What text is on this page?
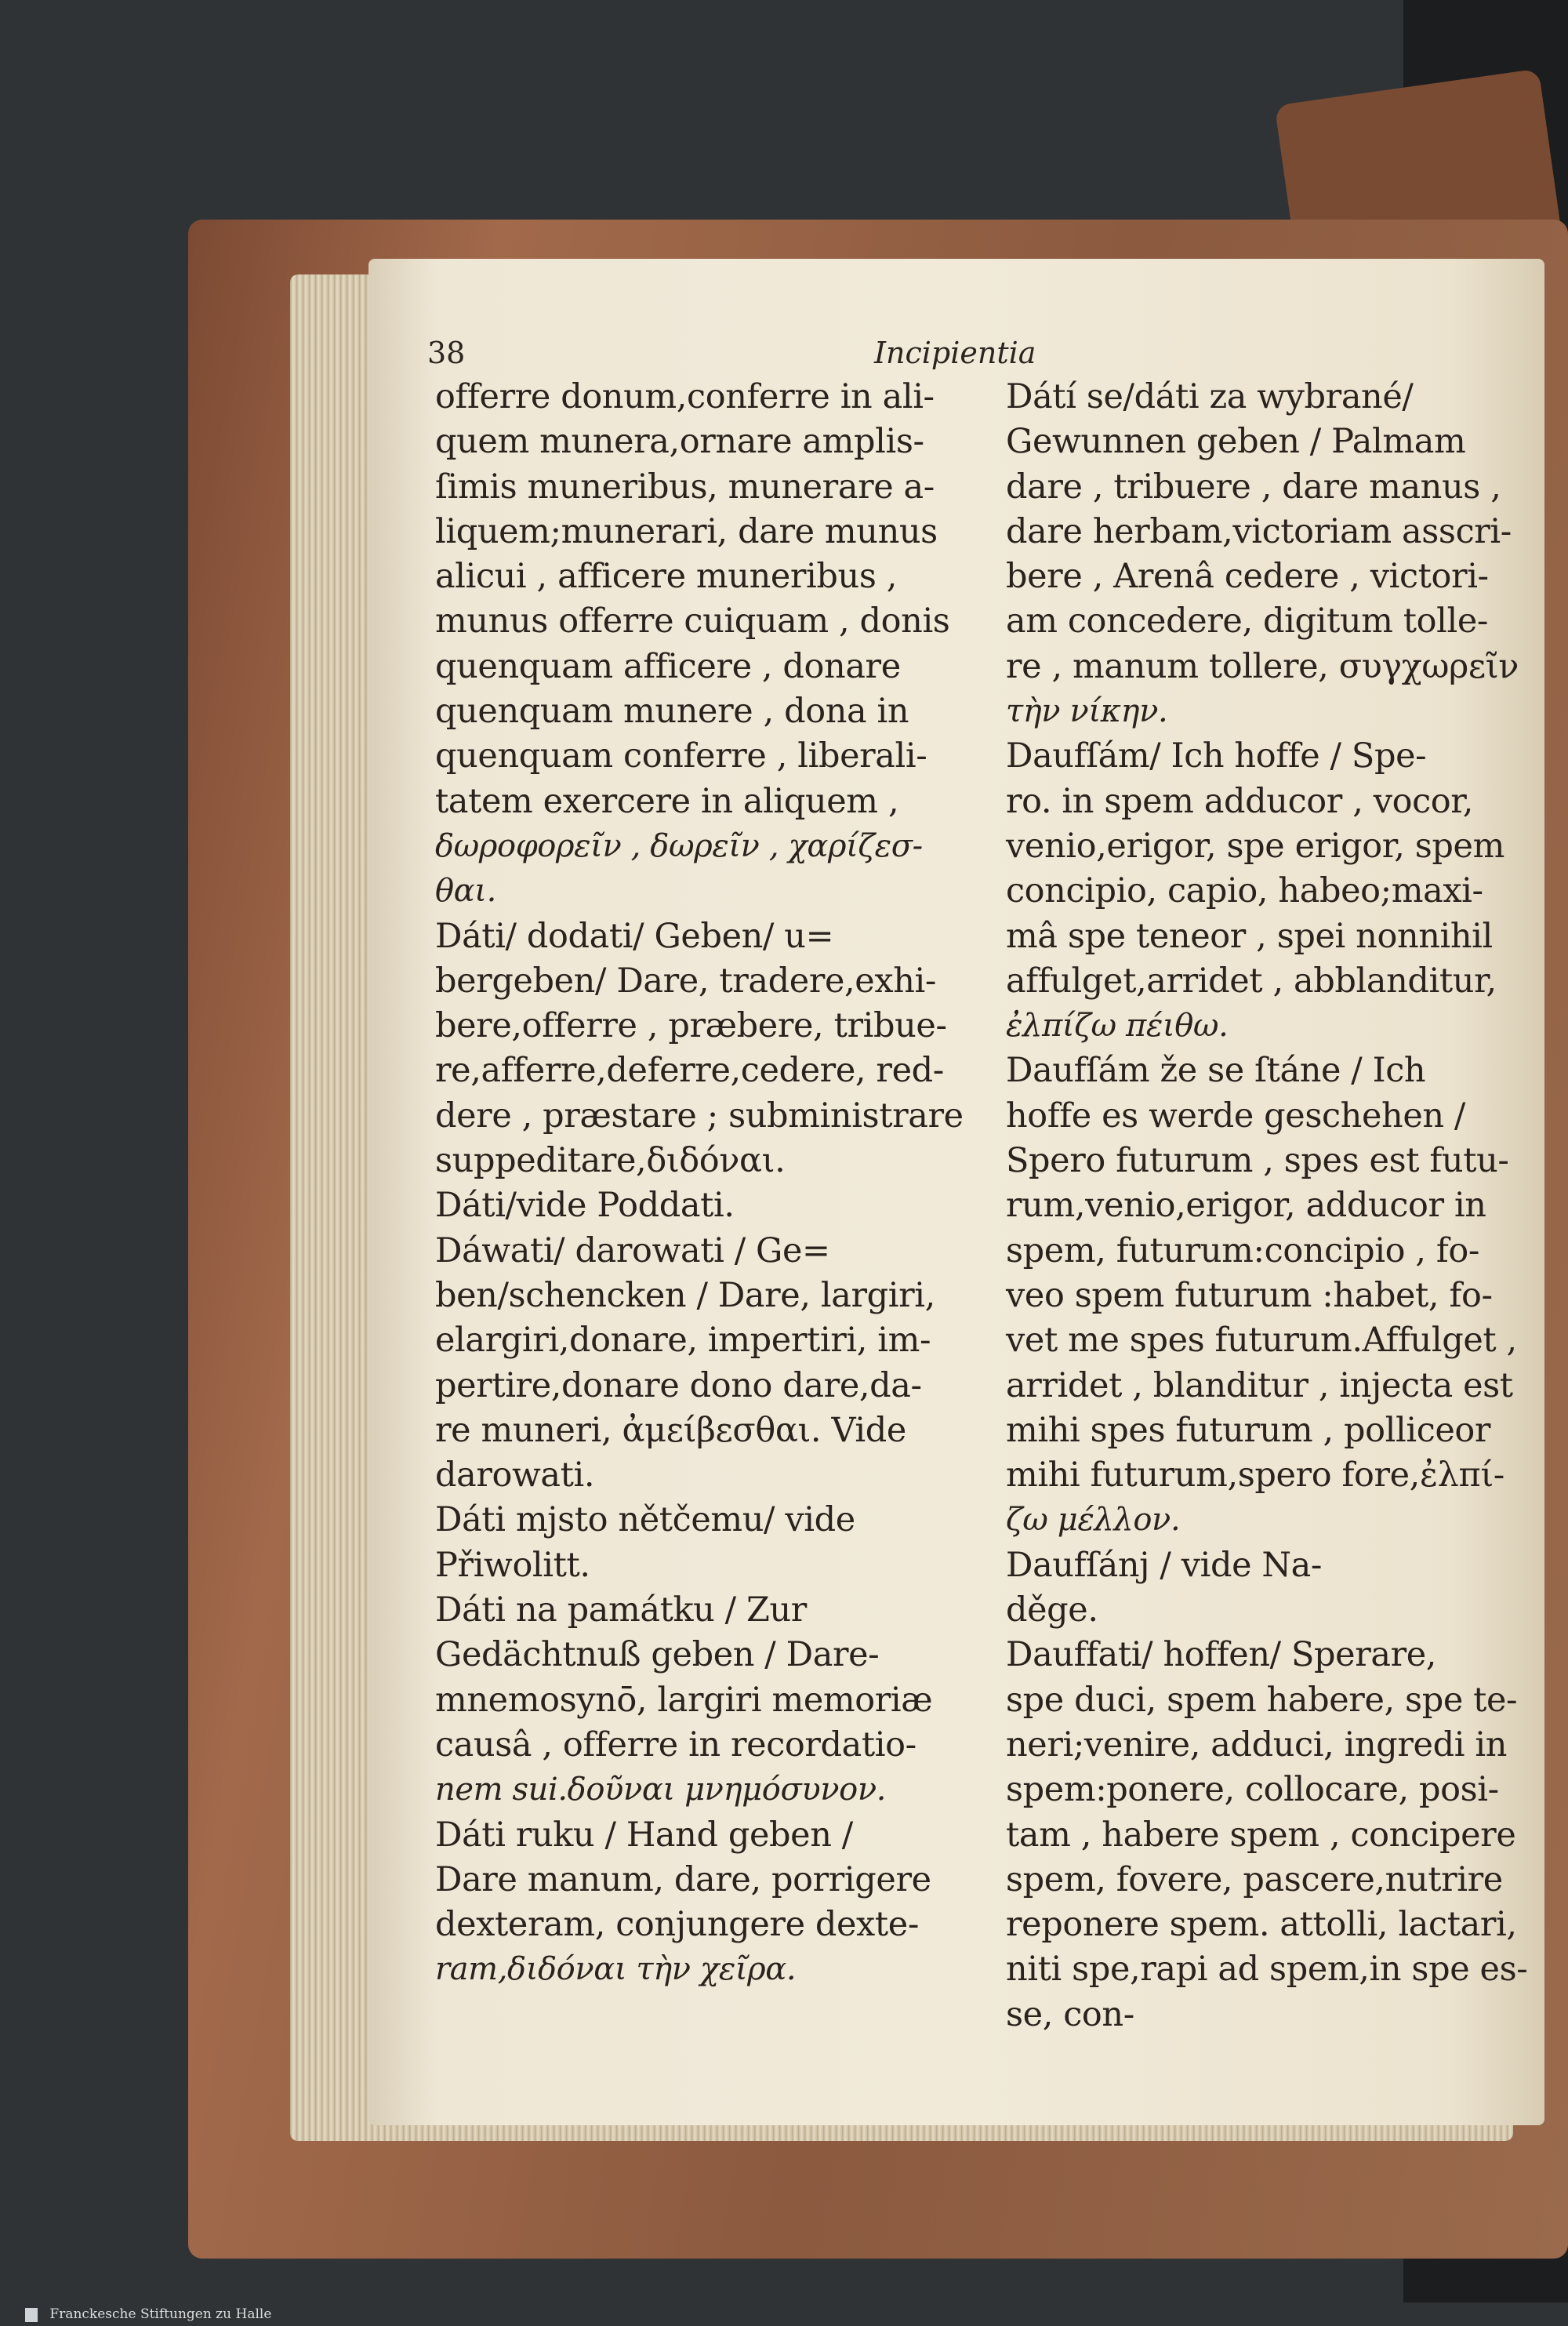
38	Incipientia
offerre donum,conferre in ali-
quem munera,ornare amplis-
ſimis muneribus, munerare a-
liquem;munerari, dare munus
alicui , afficere muneribus ,
munus offerre cuiquam , donis
quenquam afficere , donare
quenquam munere , dona in
quenquam conferre , liberali-
tatem exercere in aliquem ,
δωροφορεῖν , δωρεῖν , χαρίζεσ-
θαι.
Dáti/ dodati/ Geben/ u=
bergeben/ Dare, tradere,exhi-
bere,offerre , præbere, tribue-
re,afferre,deferre,cedere, red-
dere , præstare ; subministrare
suppeditare,διδόναι.
Dáti/vide Poddati.
Dáwati/ darowati / Ge=
ben/schencken / Dare, largiri,
elargiri,donare, impertiri, im-
pertire,donare dono dare,da-
re muneri, ἀμείβεσθαι. Vide
darowati.
Dáti mjsto nětčemu/ vide
Přiwolitt.
Dáti na památku / Zur
Gedächtnuß geben / Dare-
mnemosynō, largiri memoriæ
causâ , offerre in recordatio-
nem sui.δοῦναι μνημόσυνον.
Dáti ruku / Hand geben /
Dare manum, dare, porrigere
dexteram, conjungere dexte-
ram,διδόναι τὴν χεῖρα.
Dátí se/dáti za wybrané/
Gewunnen geben / Palmam
dare , tribuere , dare manus ,
dare herbam,victoriam asscri-
bere , Arenâ cedere , victori-
am concedere, digitum tolle-
re , manum tollere, συγχωρεῖν
τὴν νίκην.
Daufſám/ Ich hoffe / Spe-
ro. in spem adducor , vocor,
venio,erigor, spe erigor, spem
concipio, capio, habeo;maxi-
mâ spe teneor , spei nonnihil
affulget,arridet , abblanditur,
ἐλπίζω πέιθω.
Daufſám že se ſtáne / Ich
hoffe es werde geschehen /
Spero futurum , spes est futu-
rum,venio,erigor, adducor in
spem, futurum:concipio , fo-
veo spem futurum :habet, fo-
vet me spes futurum.Affulget ,
arridet , blanditur , injecta est
mihi spes futurum , polliceor
mihi futurum,spero fore,ἐλπί-
ζω μέλλον.
Daufſánj / vide Na-
děge.
Dauffati/ hoffen/ Sperare,
spe duci, spem habere, spe te-
neri;venire, adduci, ingredi in
spem:ponere, collocare, posi-
tam , habere spem , concipere
spem, fovere, pascere,nutrire
reponere spem. attolli, lactari,
niti spe,rapi ad spem,in spe es-
se, con-
Franckesche Stiftungen zu Halle
